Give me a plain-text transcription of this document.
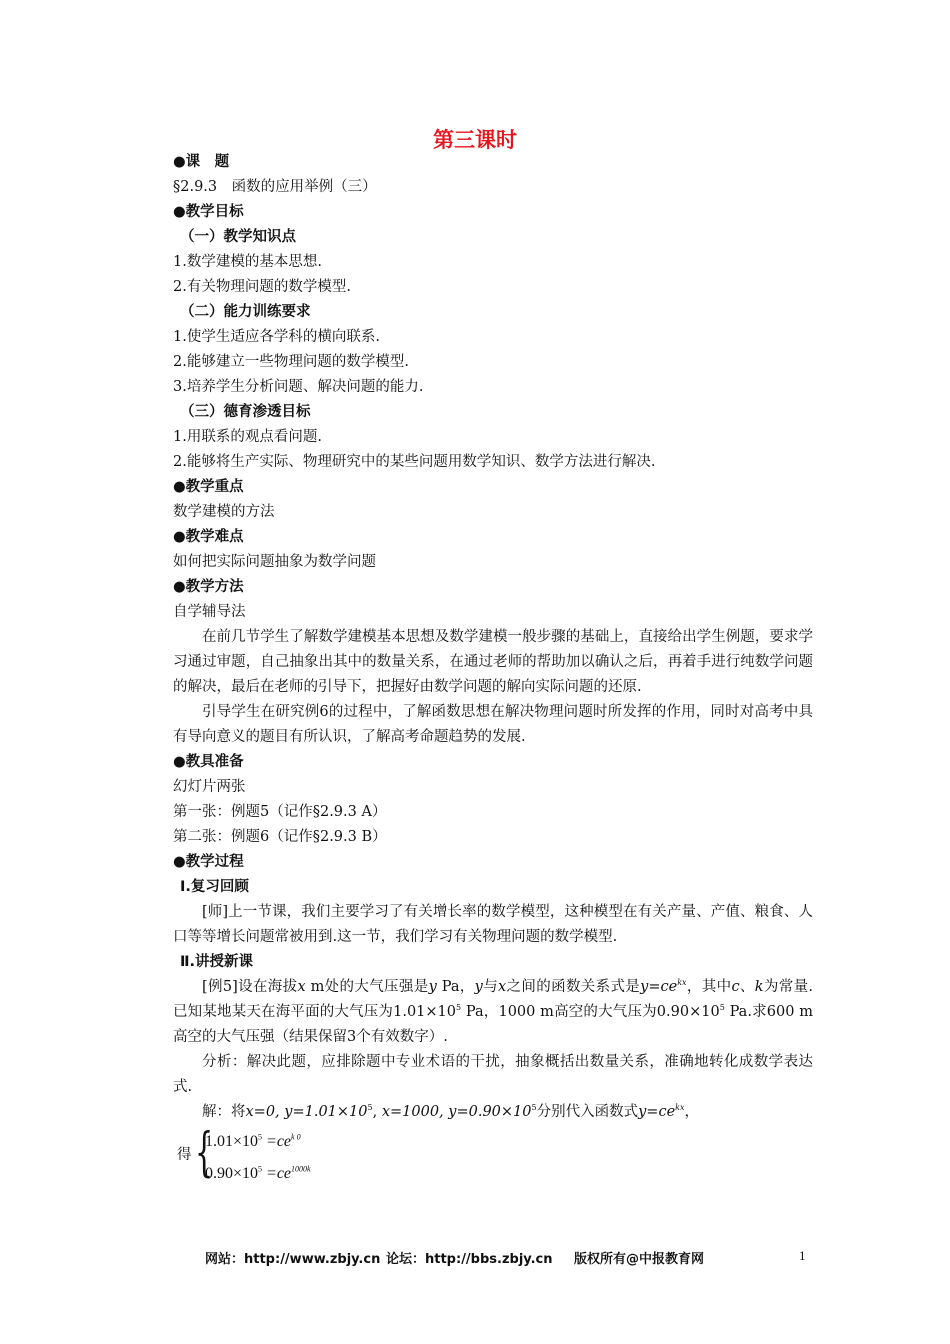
第三课时
●课　题
§2.9.3　函数的应用举例（三）
●教学目标
（一）教学知识点
1.数学建模的基本思想.
2.有关物理问题的数学模型.
（二）能力训练要求
1.使学生适应各学科的横向联系.
2.能够建立一些物理问题的数学模型.
3.培养学生分析问题、解决问题的能力.
（三）德育渗透目标
1.用联系的观点看问题.
2.能够将生产实际、物理研究中的某些问题用数学知识、数学方法进行解决.
●教学重点
数学建模的方法
●教学难点
如何把实际问题抽象为数学问题
●教学方法
自学辅导法
在前几节学生了解数学建模基本思想及数学建模一般步骤的基础上，直接给出学生例题，要求学习通过审题，自己抽象出其中的数量关系，在通过老师的帮助加以确认之后，再着手进行纯数学问题的解决，最后在老师的引导下，把握好由数学问题的解向实际问题的还原.
引导学生在研究例6的过程中，了解函数思想在解决物理问题时所发挥的作用，同时对高考中具有导向意义的题目有所认识，了解高考命题趋势的发展.
●教具准备
幻灯片两张
第一张：例题5（记作§2.9.3 A）
第二张：例题6（记作§2.9.3 B）
●教学过程
Ⅰ.复习回顾
[师]上一节课，我们主要学习了有关增长率的数学模型，这种模型在有关产量、产值、粮食、人口等等增长问题常被用到.这一节，我们学习有关物理问题的数学模型.
Ⅱ.讲授新课
[例5]设在海拔x m处的大气压强是y Pa，y与x之间的函数关系式是$y=ce^{kx}$，其中c、k为常量.已知某地某天在海平面的大气压为$1.01\times 10^5$ Pa，1000 m高空的大气压为$0.90\times 10^5$ Pa.求600 m高空的大气压强（结果保留3个有效数字）.
分析：解决此题，应排除题中专业术语的干扰，抽象概括出数量关系，准确地转化成数学表达式.
解：将x=0, $y=1.01\times 10^5$, x=1000, $y=0.90\times 10^5$分别代入函数式$y=ce^{kx}$，
得 {
$1.01\times 10^5 =ce^{k 0}$
$0.90\times 10^5 =ce^{1000k}$
网站：http://www.zbjy.cn 论坛：http://bbs.zbjy.cn 版权所有@中报教育网	1
